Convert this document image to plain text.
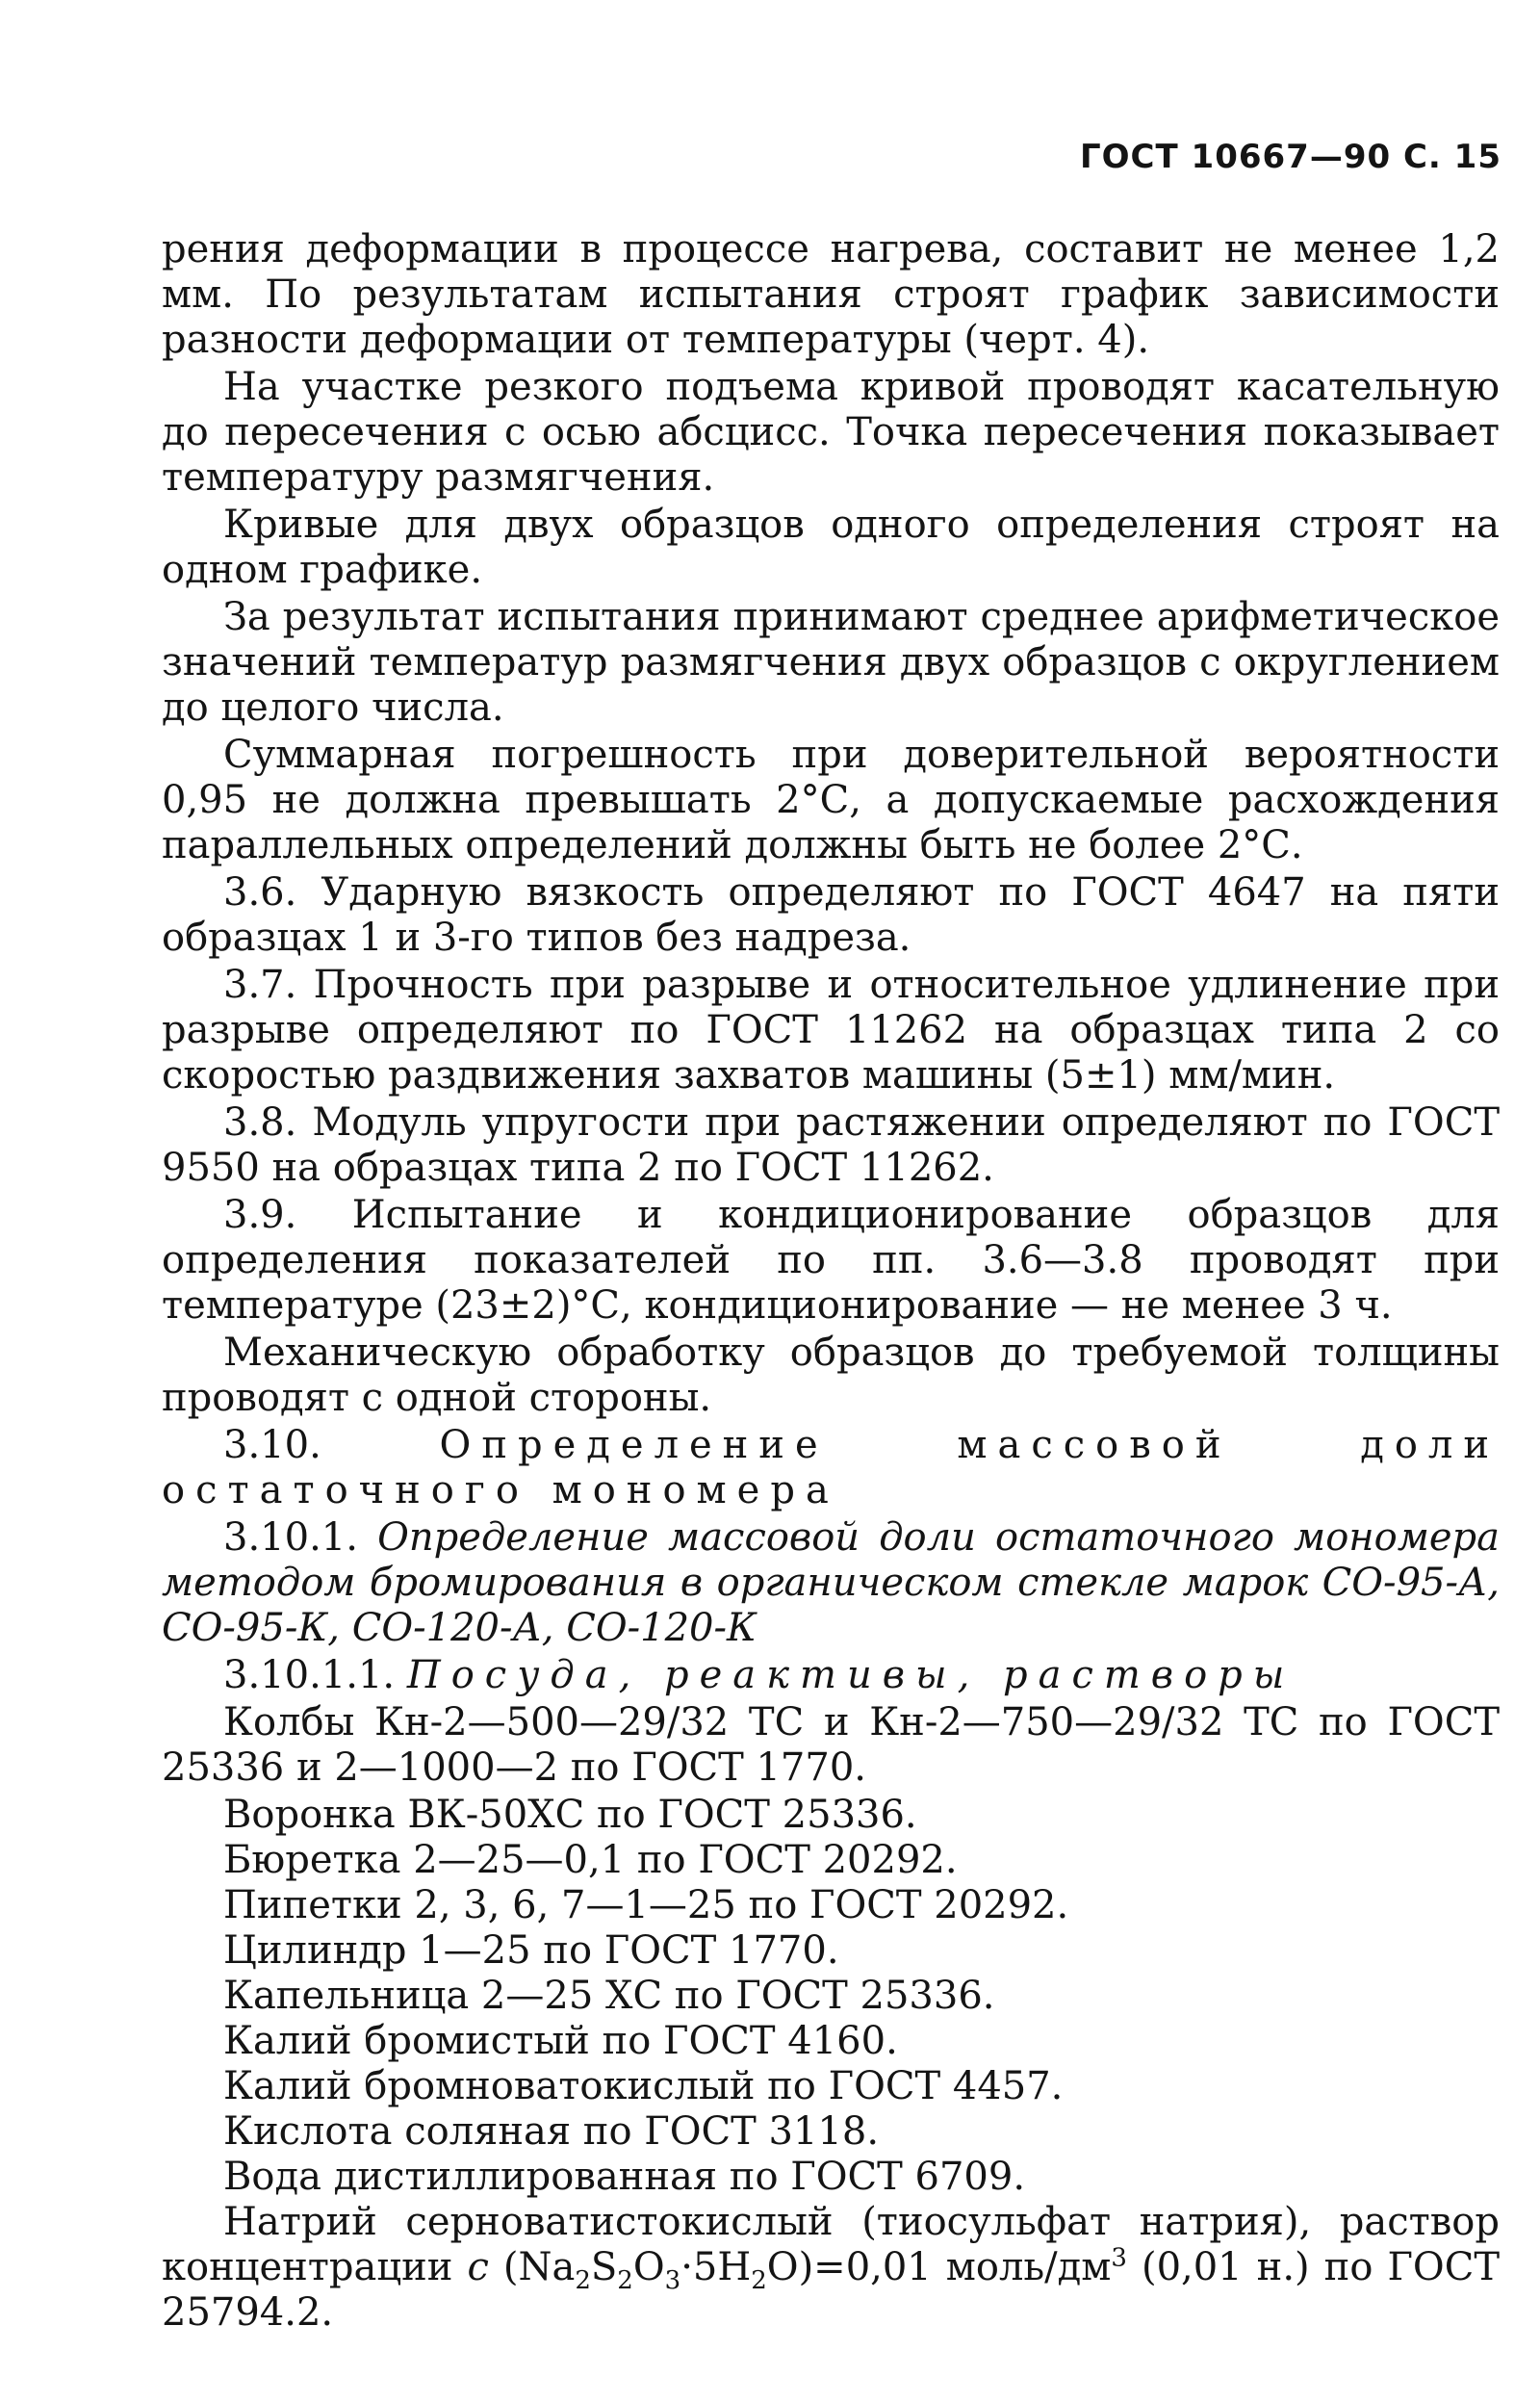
ГОСТ 10667—90 С. 15

рения деформации в процессе нагрева, составит не менее 1,2 мм. По результатам испытания строят график зависимости разности деформации от температуры (черт. 4).

На участке резкого подъема кривой проводят касательную до пересечения с осью абсцисс. Точка пересечения показывает температуру размягчения.

Кривые для двух образцов одного определения строят на одном графике.

За результат испытания принимают среднее арифметическое значений температур размягчения двух образцов с округлением до целого числа.

Суммарная погрешность при доверительной вероятности 0,95 не должна превышать 2°С, а допускаемые расхождения параллельных определений должны быть не более 2°С.

3.6. Ударную вязкость определяют по ГОСТ 4647 на пяти образцах 1 и 3-го типов без надреза.

3.7. Прочность при разрыве и относительное удлинение при разрыве определяют по ГОСТ 11262 на образцах типа 2 со скоростью раздвижения захватов машины (5±1) мм/мин.

3.8. Модуль упругости при растяжении определяют по ГОСТ 9550 на образцах типа 2 по ГОСТ 11262.

3.9. Испытание и кондиционирование образцов для определения показателей по пп. 3.6—3.8 проводят при температуре (23±2)°С, кондиционирование — не менее 3 ч.

Механическую обработку образцов до требуемой толщины проводят с одной стороны.

3.10.	Определение массовой доли остаточного мономера

3.10.1. Определение массовой доли остаточного мономера методом бромирования в органическом стекле марок СО-95-А, СО-95-К, СО-120-А, СО-120-К

3.10.1.1. Посуда, реактивы, растворы

Колбы Кн-2—500—29/32 ТС и Кн-2—750—29/32 ТС по ГОСТ 25336 и 2—1000—2 по ГОСТ 1770.

Воронка ВК-50ХС по ГОСТ 25336.

Бюретка 2—25—0,1 по ГОСТ 20292.

Пипетки 2, 3, 6, 7—1—25 по ГОСТ 20292.

Цилиндр 1—25 по ГОСТ 1770.

Капельница 2—25 ХС по ГОСТ 25336.

Калий бромистый по ГОСТ 4160.

Калий бромноватокислый по ГОСТ 4457.

Кислота соляная по ГОСТ 3118.

Вода дистиллированная по ГОСТ 6709.

Натрий серноватистокислый (тиосульфат натрия), раствор концентрации с $(Na_2S_2O_3\cdot 5H_2O)=0,01$ моль/$дм^3$ (0,01 н.) по ГОСТ 25794.2.
